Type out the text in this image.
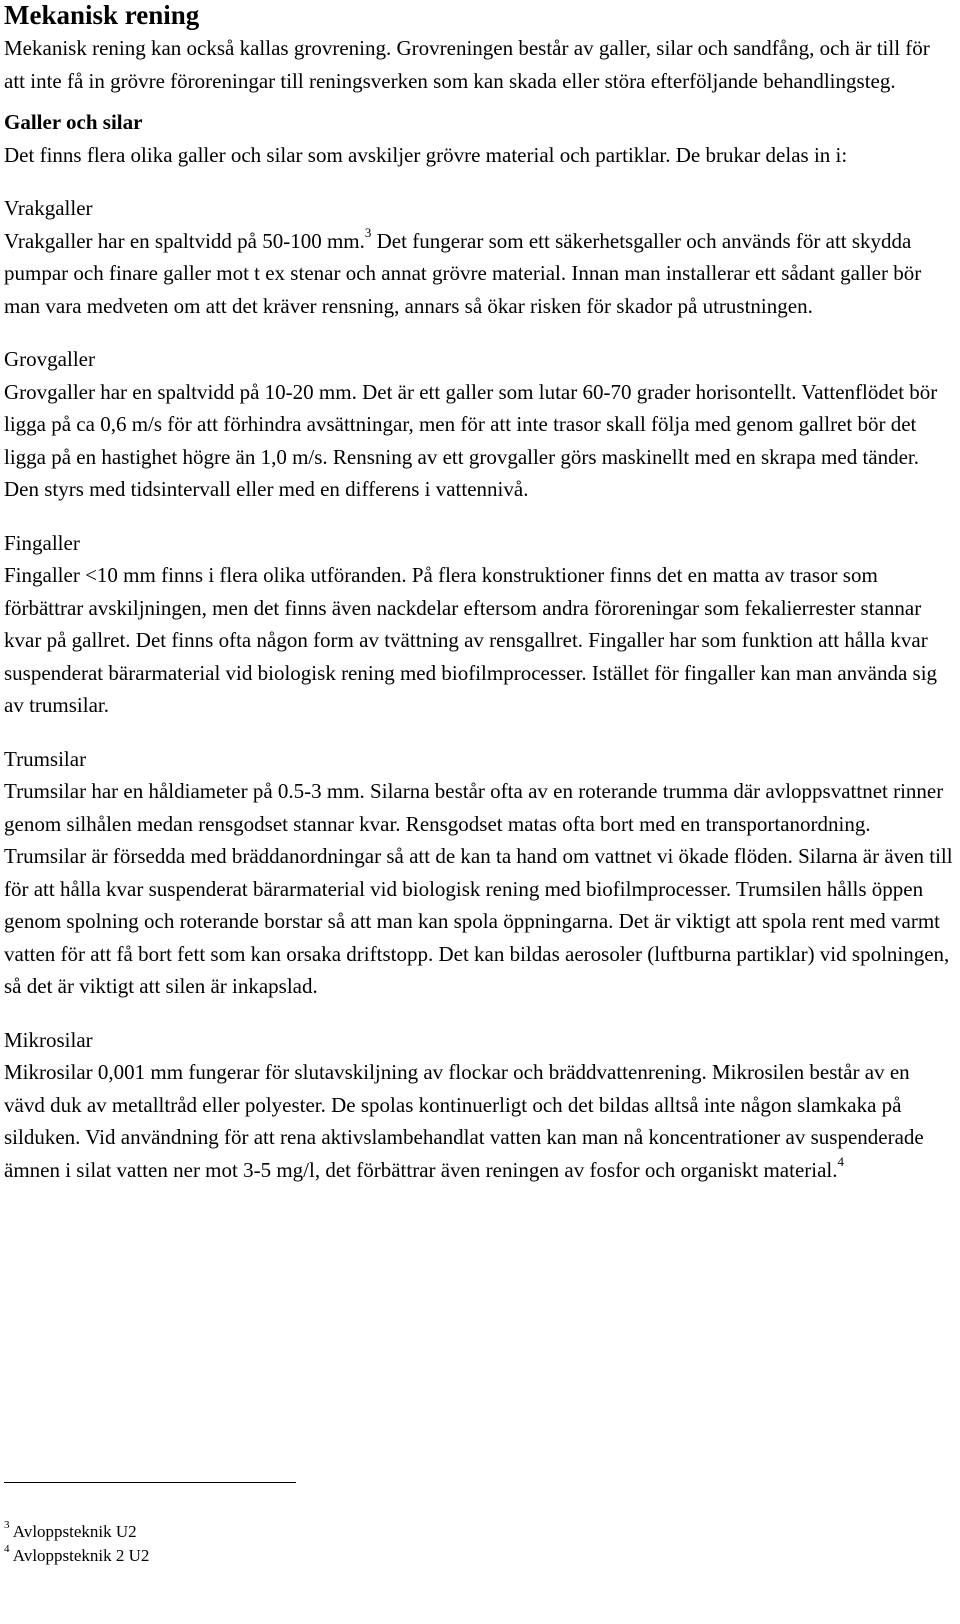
Mekanisk rening

Mekanisk rening kan också kallas grovrening. Grovreningen består av galler, silar och sandfång, och är till för att inte få in grövre föroreningar till reningsverken som kan skada eller störa efterföljande behandlingsteg.

Galler och silar

Det finns flera olika galler och silar som avskiljer grövre material och partiklar. De brukar delas in i:

Vrakgaller

Vrakgaller har en spaltvidd på 50-100 mm.$^3$ Det fungerar som ett säkerhetsgaller och används för att skydda pumpar och finare galler mot t ex stenar och annat grövre material. Innan man installerar ett sådant galler bör man vara medveten om att det kräver rensning, annars så ökar risken för skador på utrustningen.

Grovgaller

Grovgaller har en spaltvidd på 10-20 mm. Det är ett galler som lutar 60-70 grader horisontellt. Vattenflödet bör ligga på ca 0,6 m/s för att förhindra avsättningar, men för att inte trasor skall följa med genom gallret bör det ligga på en hastighet högre än 1,0 m/s. Rensning av ett grovgaller görs maskinellt med en skrapa med tänder. Den styrs med tidsintervall eller med en differens i vattennivå.

Fingaller

Fingaller <10 mm finns i flera olika utföranden. På flera konstruktioner finns det en matta av trasor som förbättrar avskiljningen, men det finns även nackdelar eftersom andra föroreningar som fekalierrester stannar kvar på gallret. Det finns ofta någon form av tvättning av rensgallret. Fingaller har som funktion att hålla kvar suspenderat bärarmaterial vid biologisk rening med biofilmprocesser. Istället för fingaller kan man använda sig av trumsilar.

Trumsilar

Trumsilar har en håldiameter på 0.5-3 mm. Silarna består ofta av en roterande trumma där avloppsvattnet rinner genom silhålen medan rensgodset stannar kvar. Rensgodset matas ofta bort med en transportanordning. Trumsilar är försedda med bräddanordningar så att de kan ta hand om vattnet vi ökade flöden. Silarna är även till för att hålla kvar suspenderat bärarmaterial vid biologisk rening med biofilmprocesser. Trumsilen hålls öppen genom spolning och roterande borstar så att man kan spola öppningarna. Det är viktigt att spola rent med varmt vatten för att få bort fett som kan orsaka driftstopp. Det kan bildas aerosoler (luftburna partiklar) vid spolningen, så det är viktigt att silen är inkapslad.

Mikrosilar

Mikrosilar 0,001 mm fungerar för slutavskiljning av flockar och bräddvattenrening. Mikrosilen består av en vävd duk av metalltråd eller polyester. De spolas kontinuerligt och det bildas alltså inte någon slamkaka på silduken. Vid användning för att rena aktivslambehandlat vatten kan man nå koncentrationer av suspenderade ämnen i silat vatten ner mot 3-5 mg/l, det förbättrar även reningen av fosfor och organiskt material.$^4$

$^3$ Avloppsteknik U2
$^4$ Avloppsteknik 2 U2
